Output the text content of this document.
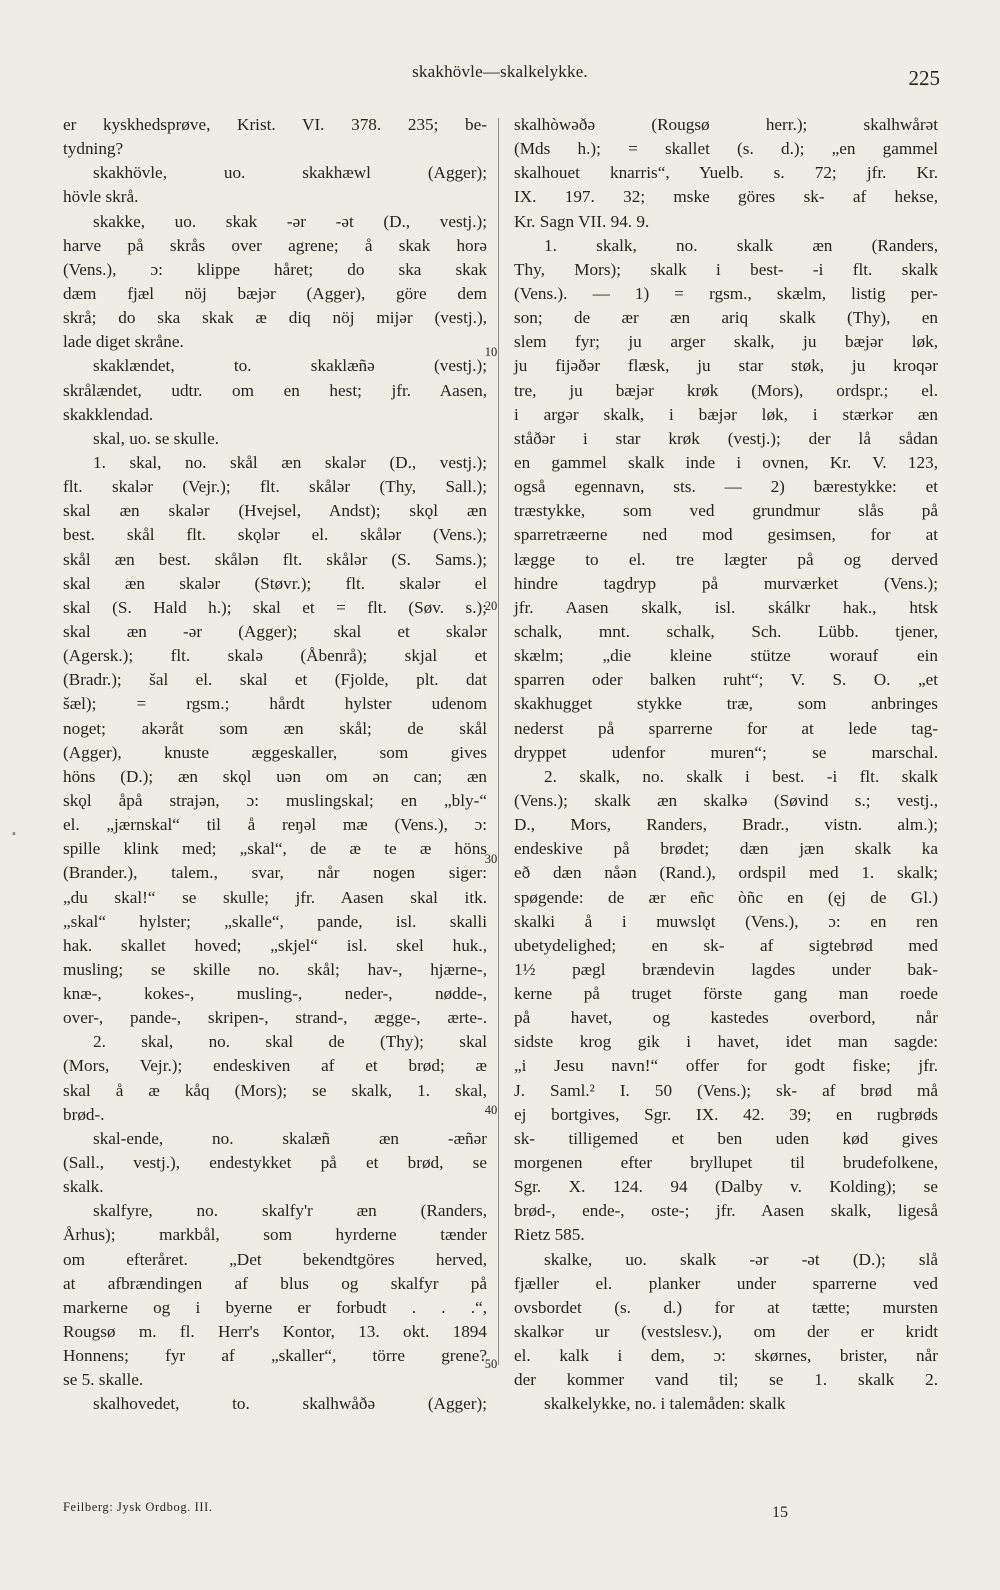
skakhövle—skalkelykke.	225
er kyskhedsprøve, Krist. VI. 378. 235; be-
tydning?
skakhövle, uo. skakhæwl (Agger);
hövle skrå.
skakke, uo. skak -ər -ət (D., vestj.);
harve på skrås over agrene; å skak horə
(Vens.), ɔ: klippe håret; do ska skak
dæm fjæl nöj bæjər (Agger), göre dem
skrå; do ska skak æ diq nöj mijər (vestj.),
lade diget skråne.
skaklændet, to. skaklæñə (vestj.);
skrålændet, udtr. om en hest; jfr. Aasen,
skakklendad.
skal, uo. se skulle.
1. skal, no. skål æn skalər (D., vestj.);
flt. skalər (Vejr.); flt. skålər (Thy, Sall.);
skal æn skalər (Hvejsel, Andst); skǫl æn
best. skål flt. skǫlər el. skålər (Vens.);
skål æn best. skålən flt. skålər (S. Sams.);
skal æn skalər (Støvr.); flt. skalər el
skal (S. Hald h.); skal et = flt. (Søv. s.);
skal æn -ər (Agger); skal et skalər
(Agersk.); flt. skalə (Åbenrå); skjal et
(Bradr.); šal el. skal et (Fjolde, plt. dat
šæl); = rgsm.; hårdt hylster udenom
noget; akəråt som æn skål; de skål
(Agger), knuste æggeskaller, som gives
höns (D.); æn skǫl uən om ən can; æn
skǫl åpå strajən, ɔ: muslingskal; en „bly-“
el. „jærnskal“ til å reŋəl mæ (Vens.), ɔ:
spille klink med; „skal“, de æ te æ höns
(Brander.), talem., svar, når nogen siger:
„du skal!“ se skulle; jfr. Aasen skal itk.
„skal“ hylster; „skalle“, pande, isl. skalli
hak. skallet hoved; „skjel“ isl. skel huk.,
musling; se skille no. skål; hav-, hjærne-,
knæ-, kokes-, musling-, neder-, nødde-,
over-, pande-, skripen-, strand-, ægge-, ærte-.
2. skal, no. skal de (Thy); skal
(Mors, Vejr.); endeskiven af et brød; æ
skal å æ kåq (Mors); se skalk, 1. skal,
brød-.
skal-ende, no. skalæñ æn -æñər
(Sall., vestj.), endestykket på et brød, se
skalk.
skalfyre, no. skalfy'r æn (Randers,
Århus); markbål, som hyrderne tænder
om efteråret. „Det bekendtgöres herved,
at afbrændingen af blus og skalfyr på
markerne og i byerne er forbudt . . .“,
Rougsø m. fl. Herr's Kontor, 13. okt. 1894
Honnens; fyr af „skaller“, törre grene?
se 5. skalle.
skalhovedet, to. skalhwåðə (Agger);
skalhòwəðə (Rougsø herr.); skalhwårət
(Mds h.); = skallet (s. d.); „en gammel
skalhouet knarris“, Yuelb. s. 72; jfr. Kr.
IX. 197. 32; mske göres sk- af hekse,
Kr. Sagn VII. 94. 9.
1. skalk, no. skalk æn (Randers,
Thy, Mors); skalk i best- -i flt. skalk
(Vens.). — 1) = rgsm., skælm, listig per-
son; de ær æn ariq skalk (Thy), en
slem fyr; ju arger skalk, ju bæjər løk,
ju fijəðər flæsk, ju star støk, ju kroqər
tre, ju bæjər krøk (Mors), ordspr.; el.
i argər skalk, i bæjər løk, i stærkər æn
ståðər i star krøk (vestj.); der lå sådan
en gammel skalk inde i ovnen, Kr. V. 123,
også egennavn, sts. — 2) bærestykke: et
træstykke, som ved grundmur slås på
sparretræerne ned mod gesimsen, for at
lægge to el. tre lægter på og derved
hindre tagdryp på murværket (Vens.);
jfr. Aasen skalk, isl. skálkr hak., htsk
schalk, mnt. schalk, Sch. Lübb. tjener,
skælm; „die kleine stütze worauf ein
sparren oder balken ruht“; V. S. O. „et
skakhugget stykke træ, som anbringes
nederst på sparrerne for at lede tag-
dryppet udenfor muren“; se marschal.
2. skalk, no. skalk i best. -i flt. skalk
(Vens.); skalk æn skalkə (Søvind s.; vestj.,
D., Mors, Randers, Bradr., vistn. alm.);
endeskive på brødet; dæn jæn skalk ka
eð dæn nåən (Rand.), ordspil med 1. skalk;
spøgende: de ær eñc òñc en (ęj de Gl.)
skalki å i muwslǫt (Vens.), ɔ: en ren
ubetydelighed; en sk- af sigtebrød med
1½ pægl brændevin lagdes under bak-
kerne på truget förste gang man roede
på havet, og kastedes overbord, når
sidste krog gik i havet, idet man sagde:
„i Jesu navn!“ offer for godt fiske; jfr.
J. Saml.² I. 50 (Vens.); sk- af brød må
ej bortgives, Sgr. IX. 42. 39; en rugbrøds
sk- tilligemed et ben uden kød gives
morgenen efter bryllupet til brudefolkene,
Sgr. X. 124. 94 (Dalby v. Kolding); se
brød-, ende-, oste-; jfr. Aasen skalk, ligeså
Rietz 585.
skalke, uo. skalk -ər -ət (D.); slå
fjæller el. planker under sparrerne ved
ovsbordet (s. d.) for at tætte; mursten
skalkər ur (vestslesv.), om der er kridt
el. kalk i dem, ɔ: skørnes, brister, når
der kommer vand til; se 1. skalk 2.
skalkelykke, no. i talemåden: skalk
10
20
30
40
50
▪
Feilberg: Jysk Ordbog. III.	15
